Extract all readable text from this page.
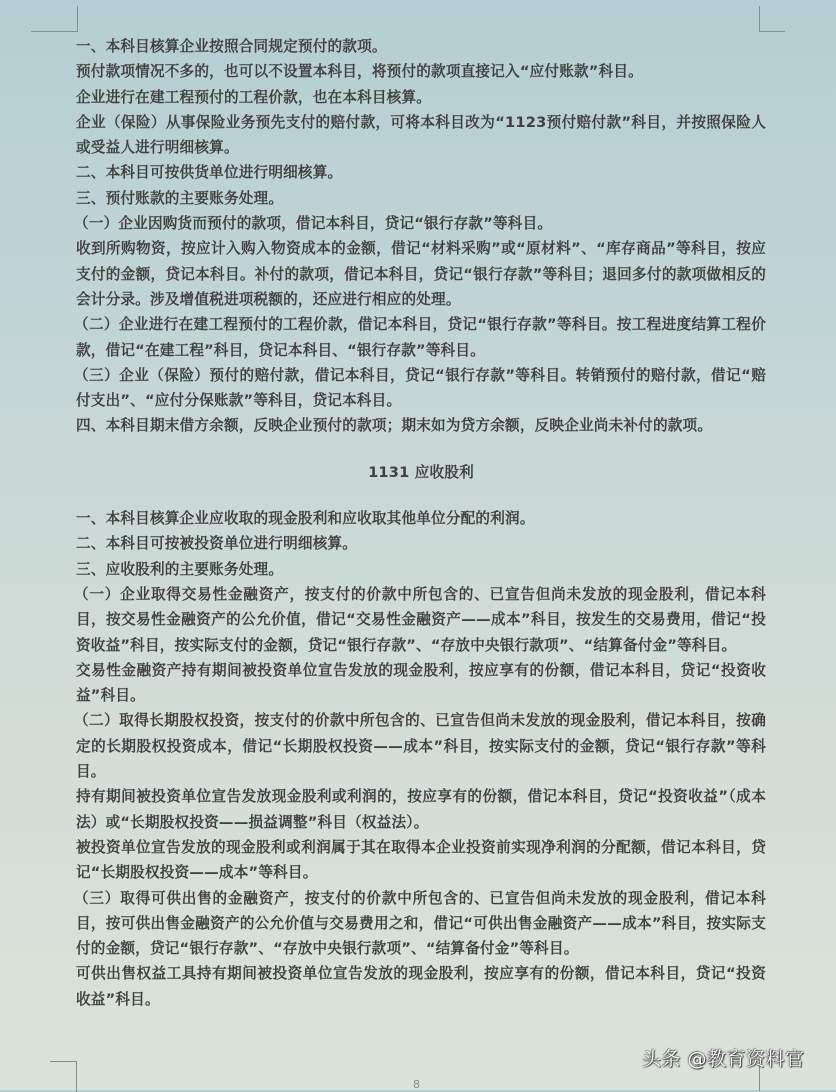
一、本科目核算企业按照合同规定预付的款项。

预付款项情况不多的，也可以不设置本科目，将预付的款项直接记入“应付账款”科目。

企业进行在建工程预付的工程价款，也在本科目核算。

企业（保险）从事保险业务预先支付的赔付款，可将本科目改为“1123预付赔付款”科目，并按照保险人或受益人进行明细核算。

二、本科目可按供货单位进行明细核算。

三、预付账款的主要账务处理。

（一）企业因购货而预付的款项，借记本科目，贷记“银行存款”等科目。

收到所购物资，按应计入购入物资成本的金额，借记“材料采购”或“原材料”、“库存商品”等科目，按应支付的金额，贷记本科目。补付的款项，借记本科目，贷记“银行存款”等科目；退回多付的款项做相反的会计分录。涉及增值税进项税额的，还应进行相应的处理。

（二）企业进行在建工程预付的工程价款，借记本科目，贷记“银行存款”等科目。按工程进度结算工程价款，借记“在建工程”科目，贷记本科目、“银行存款”等科目。

（三）企业（保险）预付的赔付款，借记本科目，贷记“银行存款”等科目。转销预付的赔付款，借记“赔付支出”、“应付分保账款”等科目，贷记本科目。

四、本科目期末借方余额，反映企业预付的款项；期末如为贷方余额，反映企业尚未补付的款项。

1131 应收股利

一、本科目核算企业应收取的现金股利和应收取其他单位分配的利润。

二、本科目可按被投资单位进行明细核算。

三、应收股利的主要账务处理。

（一）企业取得交易性金融资产，按支付的价款中所包含的、已宣告但尚未发放的现金股利，借记本科目，按交易性金融资产的公允价值，借记“交易性金融资产——成本”科目，按发生的交易费用，借记“投资收益”科目，按实际支付的金额，贷记“银行存款”、“存放中央银行款项”、“结算备付金”等科目。

交易性金融资产持有期间被投资单位宣告发放的现金股利，按应享有的份额，借记本科目，贷记“投资收益”科目。

（二）取得长期股权投资，按支付的价款中所包含的、已宣告但尚未发放的现金股利，借记本科目，按确定的长期股权投资成本，借记“长期股权投资——成本”科目，按实际支付的金额，贷记“银行存款”等科目。

持有期间被投资单位宣告发放现金股利或利润的，按应享有的份额，借记本科目，贷记“投资收益”（成本法）或“长期股权投资——损益调整”科目（权益法）。

被投资单位宣告发放的现金股利或利润属于其在取得本企业投资前实现净利润的分配额，借记本科目，贷记“长期股权投资——成本”等科目。

（三）取得可供出售的金融资产，按支付的价款中所包含的、已宣告但尚未发放的现金股利，借记本科目，按可供出售金融资产的公允价值与交易费用之和，借记“可供出售金融资产——成本”科目，按实际支付的金额，贷记“银行存款”、“存放中央银行款项”、“结算备付金”等科目。

可供出售权益工具持有期间被投资单位宣告发放的现金股利，按应享有的份额，借记本科目，贷记“投资收益”科目。

8
头条 @教育资料官
